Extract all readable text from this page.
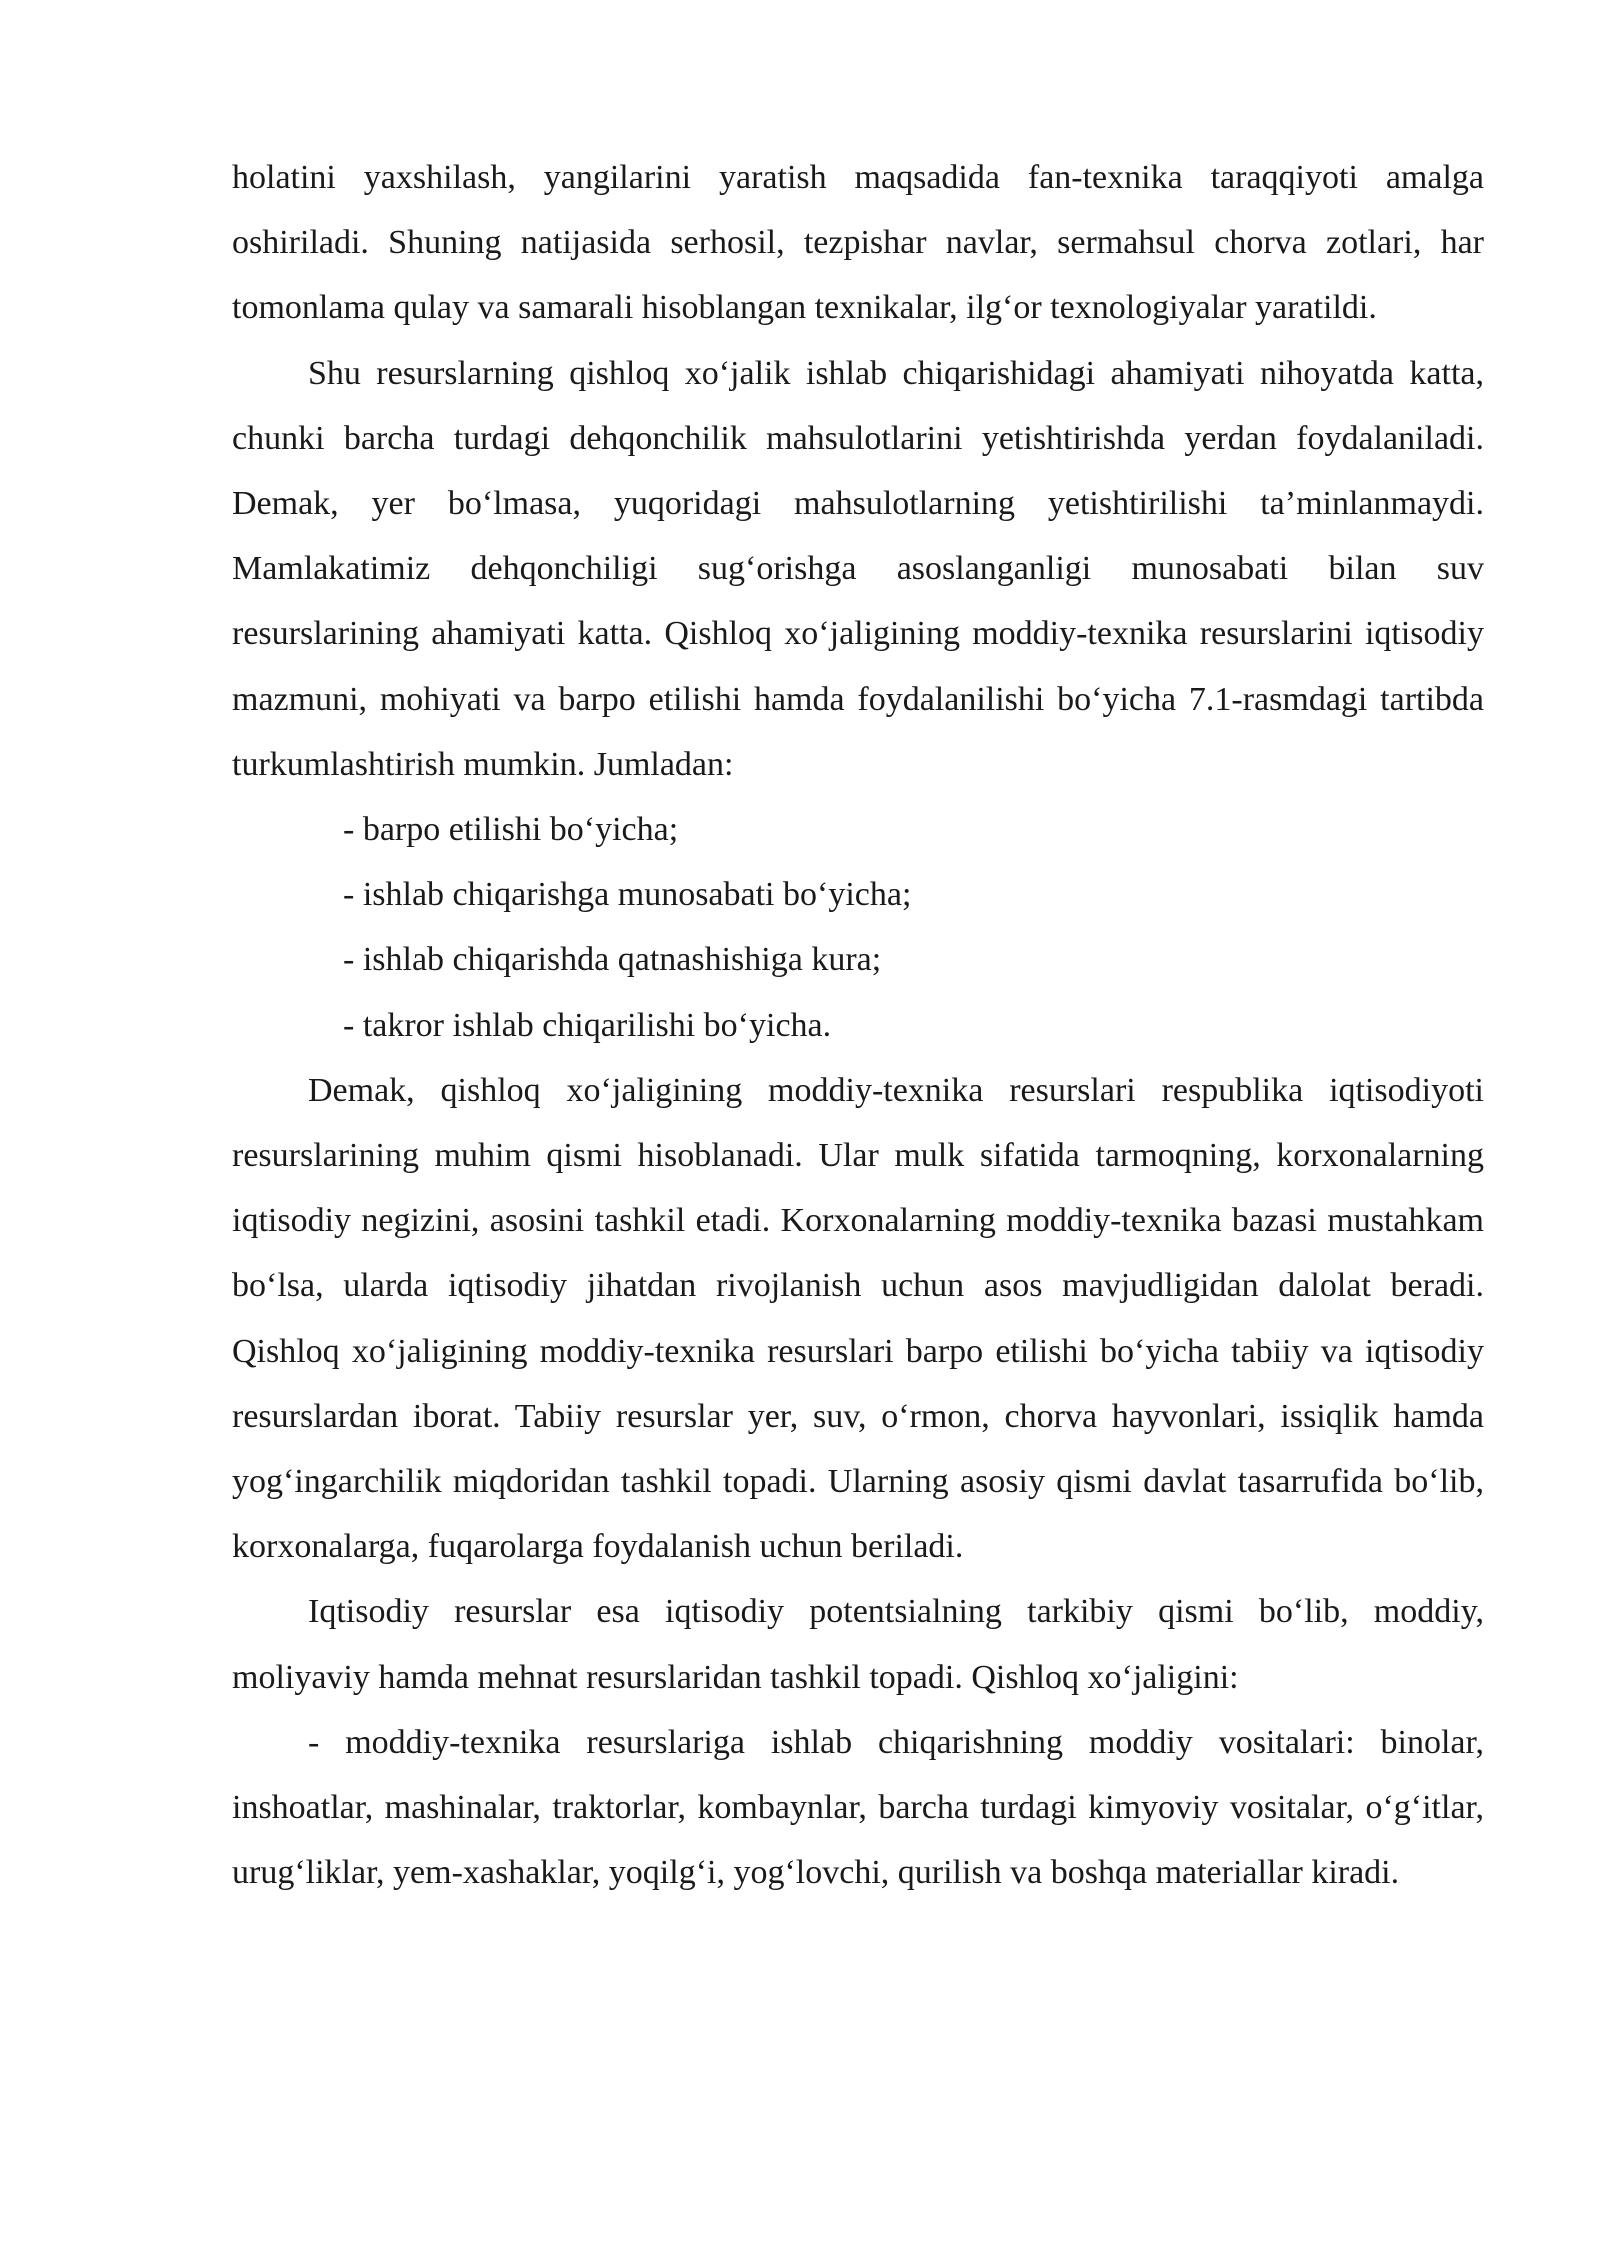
holatini yaxshilash, yangilarini yaratish maqsadida fan-texnika taraqqiyoti amalga oshiriladi. Shuning natijasida serhosil, tezpishar navlar, sermahsul chorva zotlari, har tomonlama qulay va samarali hisoblangan texnikalar, ilg‘or texnologiyalar yaratildi.

Shu resurslarning qishloq xo‘jalik ishlab chiqarishidagi ahamiyati nihoyatda katta, chunki barcha turdagi dehqonchilik mahsulotlarini yetishtirishda yerdan foydalaniladi. Demak, yer bo‘lmasa, yuqoridagi mahsulotlarning yetishtirilishi ta’minlanmaydi. Mamlakatimiz dehqonchiligi sug‘orishga asoslanganligi munosabati bilan suv resurslarining ahamiyati katta. Qishloq xo‘jaligining moddiy-texnika resurslarini iqtisodiy mazmuni, mohiyati va barpo etilishi hamda foydalanilishi bo‘yicha 7.1-rasmdagi tartibda turkumlashtirish mumkin. Jumladan:

- barpo etilishi bo‘yicha;
- ishlab chiqarishga munosabati bo‘yicha;
- ishlab chiqarishda qatnashishiga kura;
- takror ishlab chiqarilishi bo‘yicha.

Demak, qishloq xo‘jaligining moddiy-texnika resurslari respublika iqtisodiyoti resurslarining muhim qismi hisoblanadi. Ular mulk sifatida tarmoqning, korxonalarning iqtisodiy negizini, asosini tashkil etadi. Korxonalarning moddiy-texnika bazasi mustahkam bo‘lsa, ularda iqtisodiy jihatdan rivojlanish uchun asos mavjudligidan dalolat beradi. Qishloq xo‘jaligining moddiy-texnika resurslari barpo etilishi bo‘yicha tabiiy va iqtisodiy resurslardan iborat. Tabiiy resurslar yer, suv, o‘rmon, chorva hayvonlari, issiqlik hamda yog‘ingarchilik miqdoridan tashkil topadi. Ularning asosiy qismi davlat tasarrufida bo‘lib, korxonalarga, fuqarolarga foydalanish uchun beriladi.

Iqtisodiy resurslar esa iqtisodiy potentsialning tarkibiy qismi bo‘lib, moddiy, moliyaviy hamda mehnat resurslaridan tashkil topadi. Qishloq xo‘jaligini:

- moddiy-texnika resurslariga ishlab chiqarishning moddiy vositalari: binolar, inshoatlar, mashinalar, traktorlar, kombaynlar, barcha turdagi kimyoviy vositalar, o‘g‘itlar, urug‘liklar, yem-xashaklar, yoqilg‘i, yog‘lovchi, qurilish va boshqa materiallar kiradi.
